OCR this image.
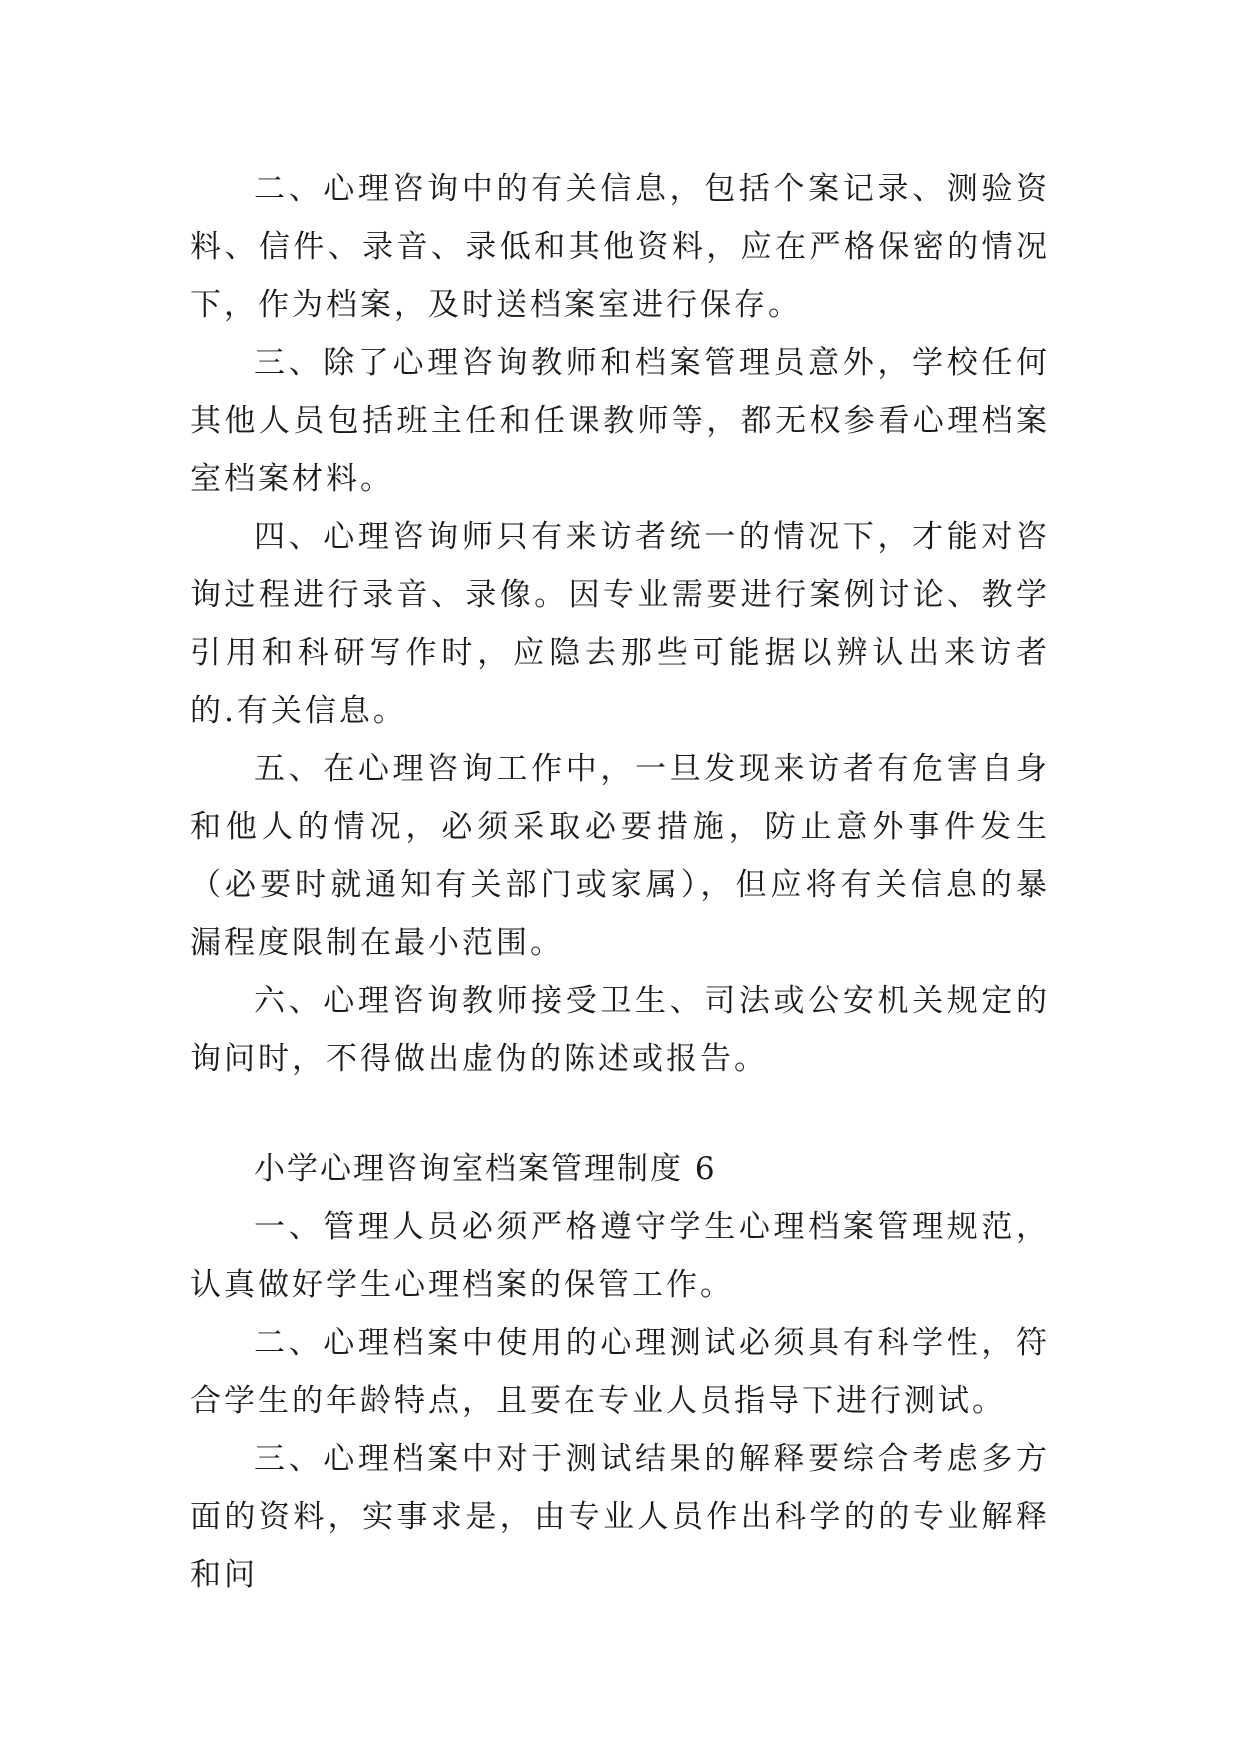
二、心理咨询中的有关信息，包括个案记录、测验资料、信件、录音、录低和其他资料，应在严格保密的情况下，作为档案，及时送档案室进行保存。

三、除了心理咨询教师和档案管理员意外，学校任何其他人员包括班主任和任课教师等，都无权参看心理档案室档案材料。

四、心理咨询师只有来访者统一的情况下，才能对咨询过程进行录音、录像。因专业需要进行案例讨论、教学引用和科研写作时，应隐去那些可能据以辨认出来访者的.有关信息。

五、在心理咨询工作中，一旦发现来访者有危害自身和他人的情况，必须采取必要措施，防止意外事件发生（必要时就通知有关部门或家属），但应将有关信息的暴漏程度限制在最小范围。

六、心理咨询教师接受卫生、司法或公安机关规定的询问时，不得做出虚伪的陈述或报告。

小学心理咨询室档案管理制度 6

一、管理人员必须严格遵守学生心理档案管理规范，认真做好学生心理档案的保管工作。

二、心理档案中使用的心理测试必须具有科学性，符合学生的年龄特点，且要在专业人员指导下进行测试。

三、心理档案中对于测试结果的解释要综合考虑多方面的资料，实事求是，由专业人员作出科学的的专业解释和问
